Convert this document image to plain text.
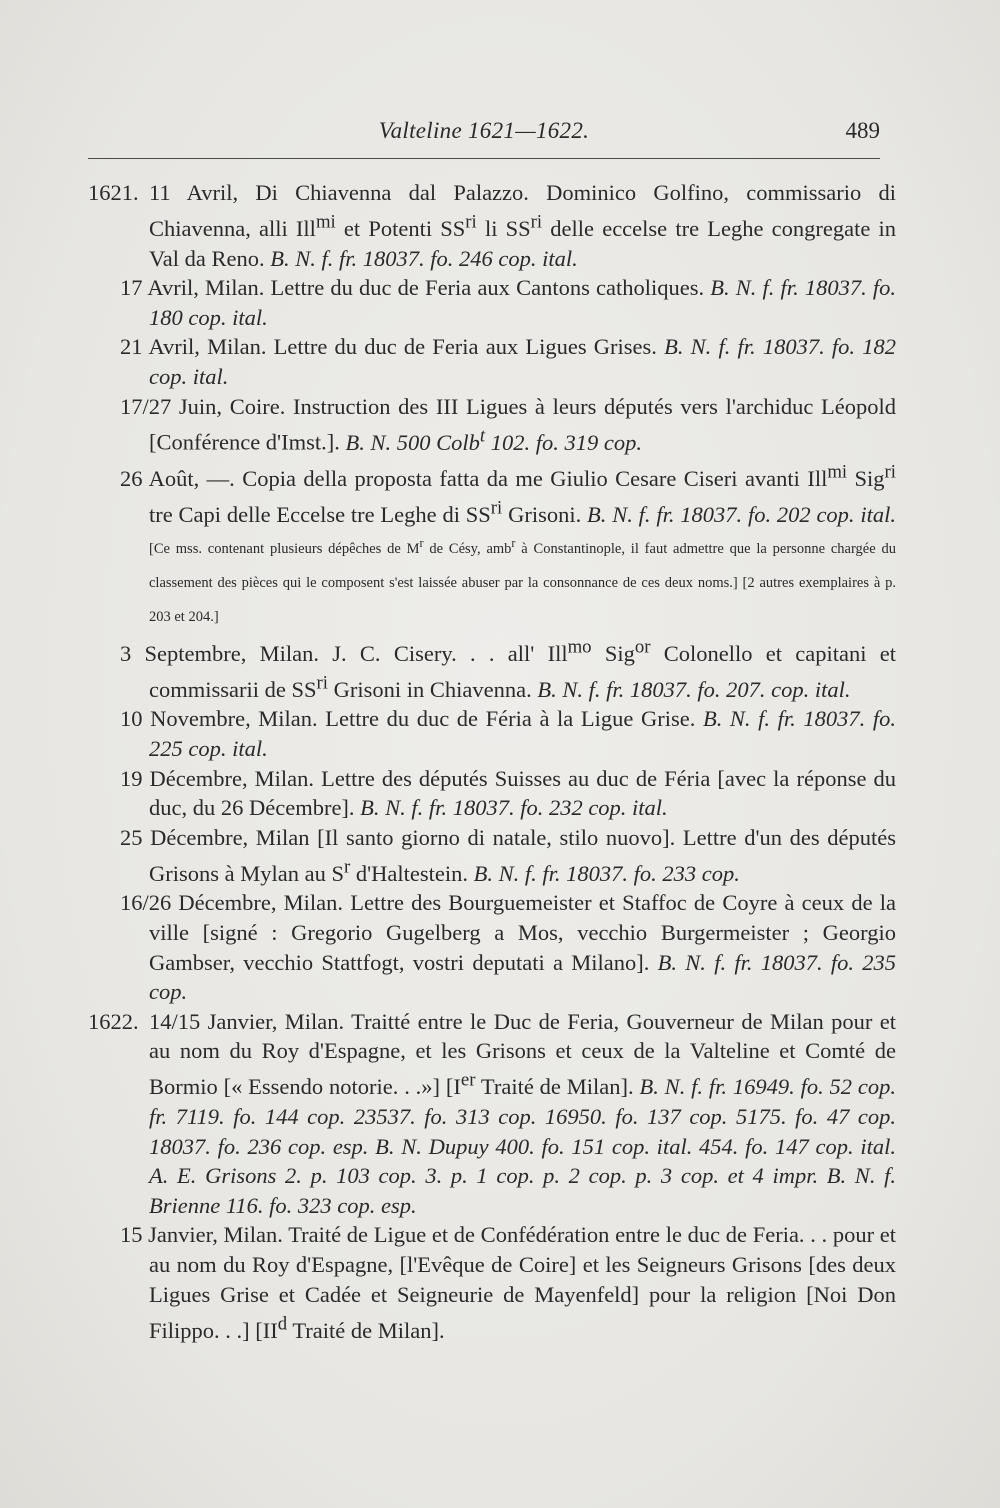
Valteline 1621—1622.	489

1621. 11 Avril, Di Chiavenna dal Palazzo. Dominico Golfino, commissario di Chiavenna, alli Ill$^{mi}$ et Potenti $SS^{ri}$ li $SS^{ri}$ delle eccelse tre Leghe congregate in Val da Reno. B. N. f. fr. 18037. fo. 246 cop. ital.

17 Avril, Milan. Lettre du duc de Feria aux Cantons catholiques. B. N. f. fr. 18037. fo. 180 cop. ital.

21 Avril, Milan. Lettre du duc de Feria aux Ligues Grises. B. N. f. fr. 18037. fo. 182 cop. ital.

17/27 Juin, Coire. Instruction des III Ligues à leurs députés vers l'archiduc Léopold [Conférence d'Imst.]. B. N. 500 Colb$^t$ 102. fo. 319 cop.

26 Août, —. Copia della proposta fatta da me Giulio Cesare Ciseri avanti Ill$^{mi}$ Sig$^{ri}$ tre Capi delle Eccelse tre Leghe di $SS^{ri}$ Grisoni. B. N. f. fr. 18037. fo. 202 cop. ital. [Ce mss. contenant plusieurs dépêches de $M^r$ de Césy, amb$^r$ à Constantinople, il faut admettre que la personne chargée du classement des pièces qui le composent s'est laissée abuser par la consonnance de ces deux noms.] [2 autres exemplaires à p. 203 et 204.]

3 Septembre, Milan. J. C. Cisery. . . all' Ill$^{mo}$ Sig$^{or}$ Colonello et capitani et commissarii de $SS^{ri}$ Grisoni in Chiavenna. B. N. f. fr. 18037. fo. 207. cop. ital.

10 Novembre, Milan. Lettre du duc de Féria à la Ligue Grise. B. N. f. fr. 18037. fo. 225 cop. ital.

19 Décembre, Milan. Lettre des députés Suisses au duc de Féria [avec la réponse du duc, du 26 Décembre]. B. N. f. fr. 18037. fo. 232 cop. ital.

25 Décembre, Milan [Il santo giorno di natale, stilo nuovo]. Lettre d'un des députés Grisons à Mylan au $S^r$ d'Haltestein. B. N. f. fr. 18037. fo. 233 cop.

16/26 Décembre, Milan. Lettre des Bourguemeister et Staffoc de Coyre à ceux de la ville [signé : Gregorio Gugelberg a Mos, vecchio Burgermeister ; Georgio Gambser, vecchio Stattfogt, vostri deputati a Milano]. B. N. f. fr. 18037. fo. 235 cop.

1622. 14/15 Janvier, Milan. Traitté entre le Duc de Feria, Gouverneur de Milan pour et au nom du Roy d'Espagne, et les Grisons et ceux de la Valteline et Comté de Bormio [« Essendo notorie. . .»] [Ier Traité de Milan]. B. N. f. fr. 16949. fo. 52 cop. fr. 7119. fo. 144 cop. 23537. fo. 313 cop. 16950. fo. 137 cop. 5175. fo. 47 cop. 18037. fo. 236 cop. esp. B. N. Dupuy 400. fo. 151 cop. ital. 454. fo. 147 cop. ital. A. E. Grisons 2. p. 103 cop. 3. p. 1 cop. p. 2 cop. p. 3 cop. et 4 impr. B. N. f. Brienne 116. fo. 323 cop. esp.

15 Janvier, Milan. Traité de Ligue et de Confédération entre le duc de Feria. . . pour et au nom du Roy d'Espagne, [l'Evêque de Coire] et les Seigneurs Grisons [des deux Ligues Grise et Cadée et Seigneurie de Mayenfeld] pour la religion [Noi Don Filippo. . .] [$II^d$ Traité de Milan].
